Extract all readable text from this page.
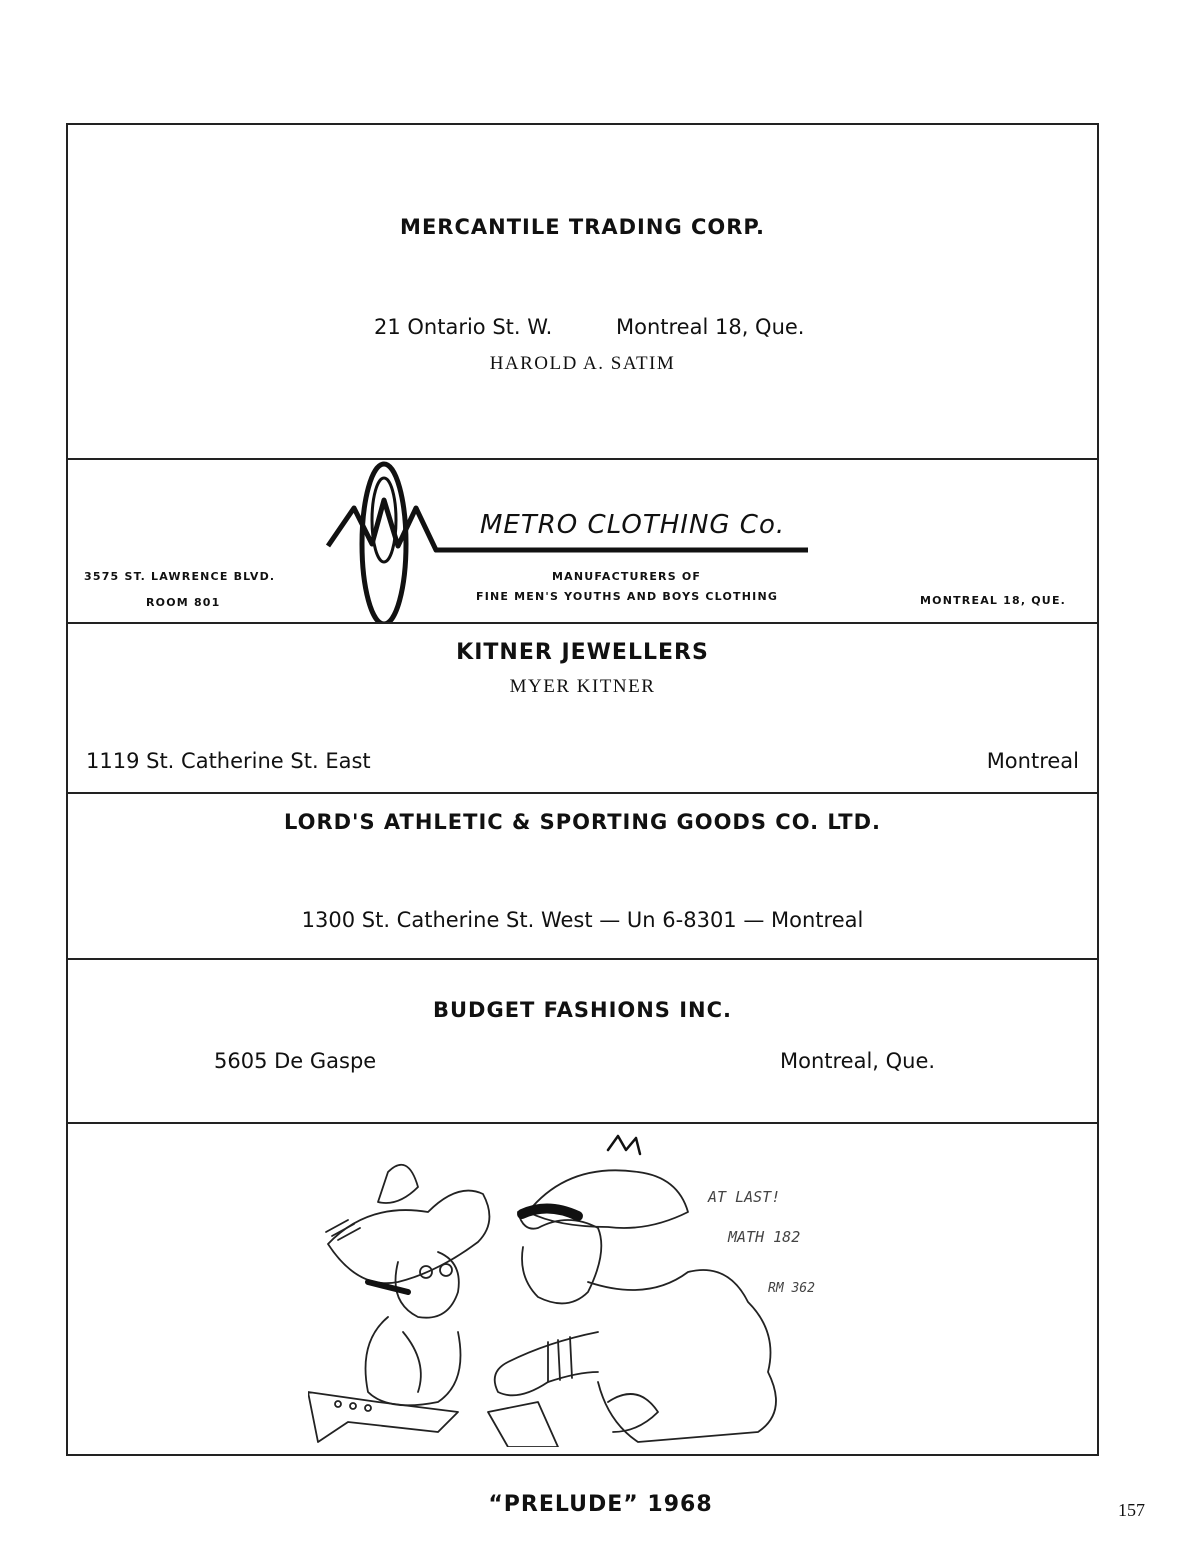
MERCANTILE TRADING CORP.
21 Ontario St. W.	Montreal 18, Que.
HAROLD A. SATIM
METRO CLOTHING Co.
3575 ST. LAWRENCE BLVD.
ROOM 801
MANUFACTURERS OF
FINE MEN'S YOUTHS AND BOYS CLOTHING	MONTREAL 18, QUE.
KITNER JEWELLERS
MYER KITNER
1119 St. Catherine St. East	Montreal
LORD'S ATHLETIC & SPORTING GOODS CO. LTD.
1300 St. Catherine St. West — Un 6-8301 — Montreal
BUDGET FASHIONS INC.
5605 De Gaspe	Montreal, Que.
AT LAST!
MATH 182
RM 362
“PRELUDE” 1968	157
